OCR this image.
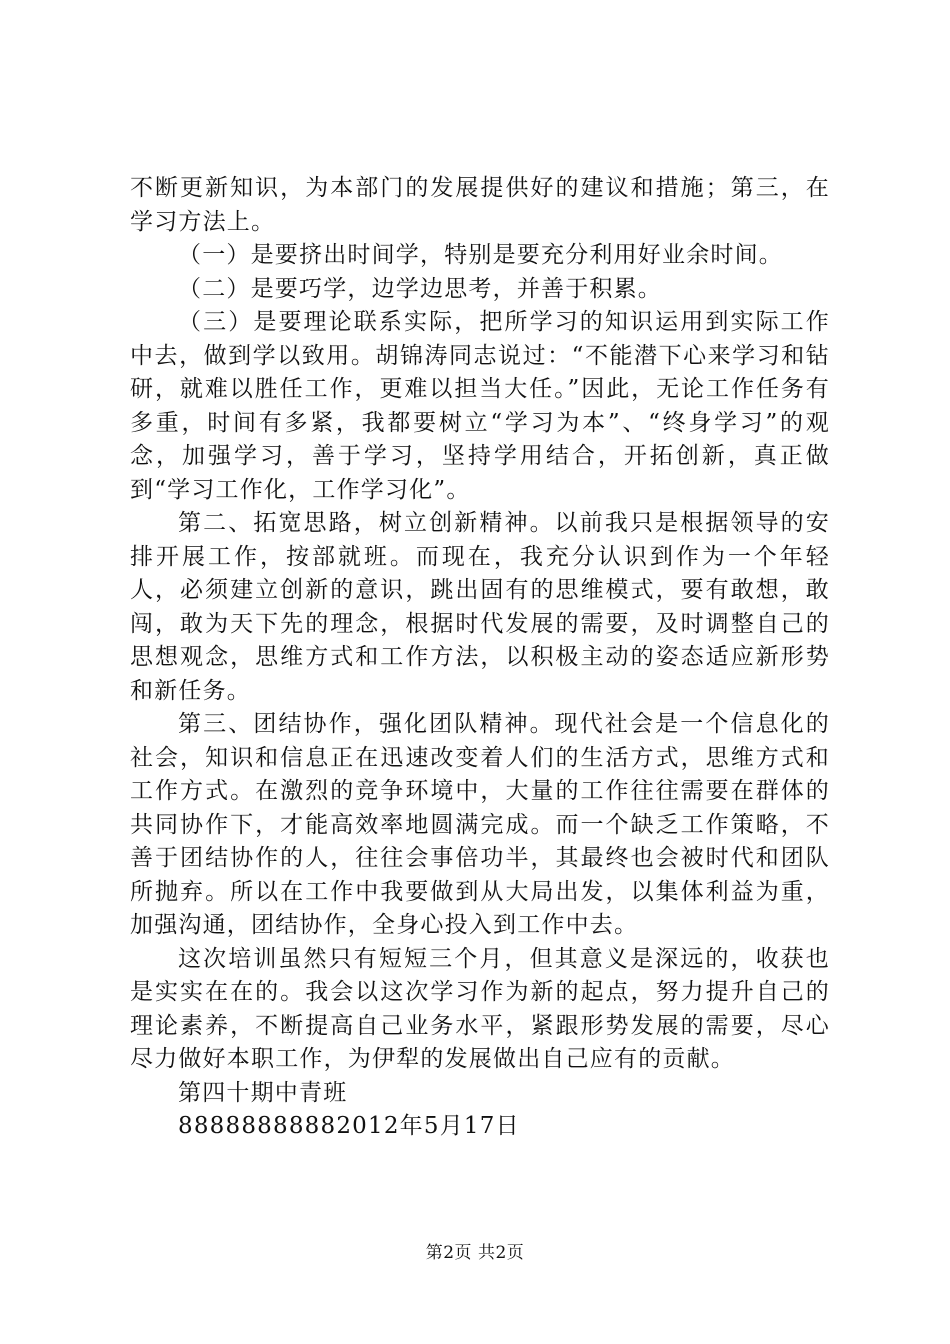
不断更新知识，为本部门的发展提供好的建议和措施；第三，在学习方法上。

（一）是要挤出时间学，特别是要充分利用好业余时间。

（二）是要巧学，边学边思考，并善于积累。

（三）是要理论联系实际，把所学习的知识运用到实际工作中去，做到学以致用。胡锦涛同志说过：“不能潜下心来学习和钻研，就难以胜任工作，更难以担当大任。”因此，无论工作任务有多重，时间有多紧，我都要树立“学习为本”、“终身学习”的观念，加强学习，善于学习，坚持学用结合，开拓创新，真正做到“学习工作化，工作学习化”。

第二、拓宽思路，树立创新精神。以前我只是根据领导的安排开展工作，按部就班。而现在，我充分认识到作为一个年轻人，必须建立创新的意识，跳出固有的思维模式，要有敢想，敢闯，敢为天下先的理念，根据时代发展的需要，及时调整自己的思想观念，思维方式和工作方法，以积极主动的姿态适应新形势和新任务。

第三、团结协作，强化团队精神。现代社会是一个信息化的社会，知识和信息正在迅速改变着人们的生活方式，思维方式和工作方式。在激烈的竞争环境中，大量的工作往往需要在群体的共同协作下，才能高效率地圆满完成。而一个缺乏工作策略，不善于团结协作的人，往往会事倍功半，其最终也会被时代和团队所抛弃。所以在工作中我要做到从大局出发，以集体利益为重，加强沟通，团结协作，全身心投入到工作中去。

这次培训虽然只有短短三个月，但其意义是深远的，收获也是实实在在的。我会以这次学习作为新的起点，努力提升自己的理论素养，不断提高自己业务水平，紧跟形势发展的需要，尽心尽力做好本职工作，为伊犁的发展做出自己应有的贡献。

第四十期中青班

88888888882012年5月17日

第2页 共2页
